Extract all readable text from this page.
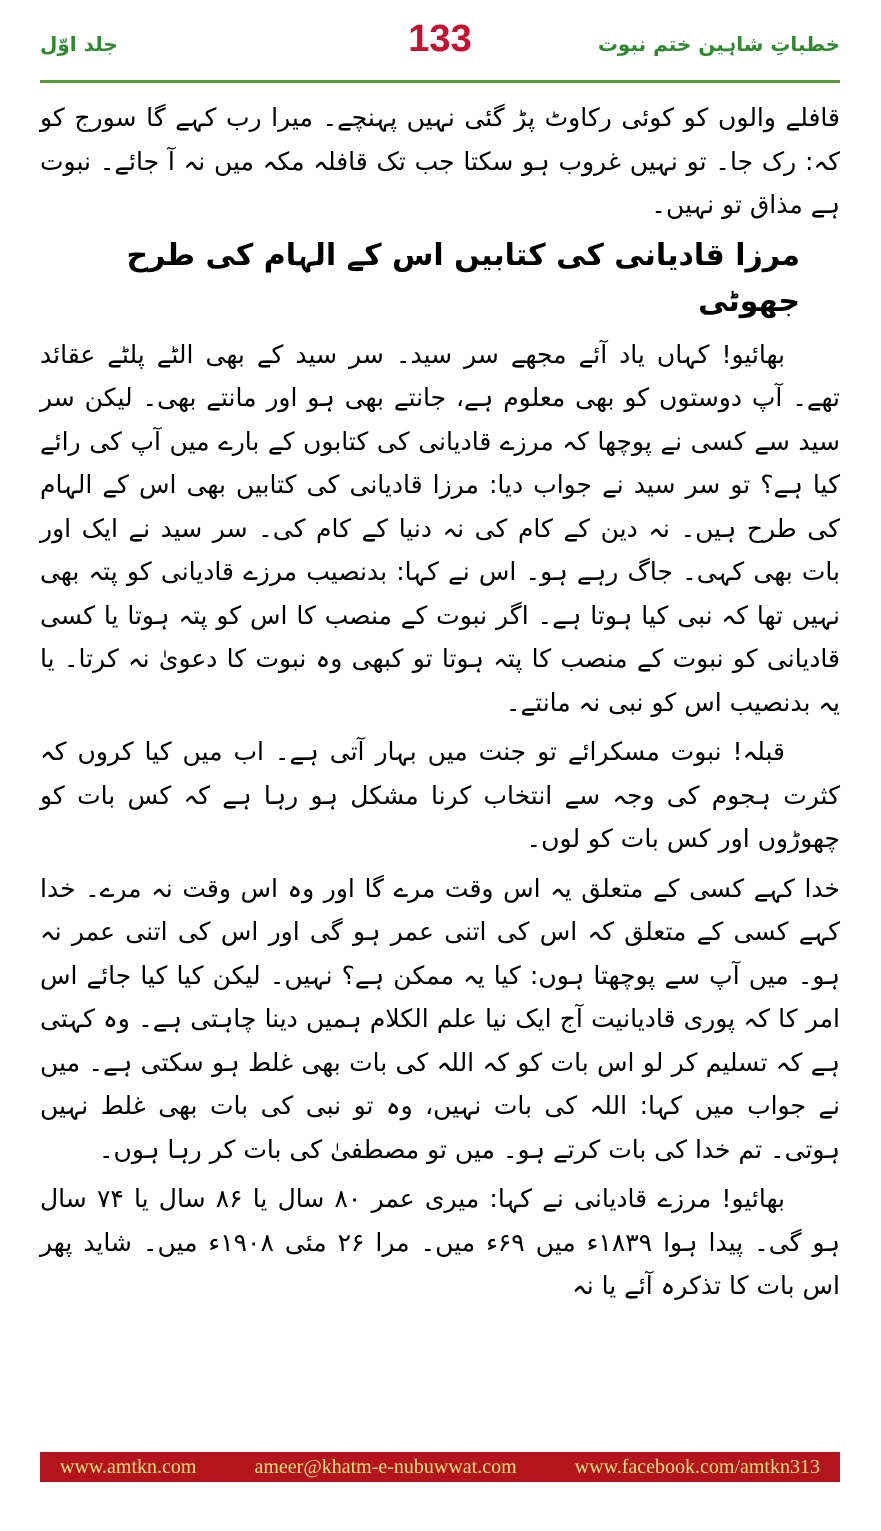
جلد اوّل	133	خطباتِ شاہین ختم نبوت

قافلے والوں کو کوئی رکاوٹ پڑ گئی نہیں پہنچے۔ میرا رب کہے گا سورج کو کہ: رک جا۔ تو نہیں غروب ہو سکتا جب تک قافلہ مکہ میں نہ آ جائے۔ نبوت ہے مذاق تو نہیں۔

مرزا قادیانی کی کتابیں اس کے الہام کی طرح جھوٹی

بھائیو! کہاں یاد آئے مجھے سر سید۔ سر سید کے بھی الٹے پلٹے عقائد تھے۔ آپ دوستوں کو بھی معلوم ہے، جانتے بھی ہو اور مانتے بھی۔ لیکن سر سید سے کسی نے پوچھا کہ مرزے قادیانی کی کتابوں کے بارے میں آپ کی رائے کیا ہے؟ تو سر سید نے جواب دیا: مرزا قادیانی کی کتابیں بھی اس کے الہام کی طرح ہیں۔ نہ دین کے کام کی نہ دنیا کے کام کی۔ سر سید نے ایک اور بات بھی کہی۔ جاگ رہے ہو۔ اس نے کہا: بدنصیب مرزے قادیانی کو پتہ بھی نہیں تھا کہ نبی کیا ہوتا ہے۔ اگر نبوت کے منصب کا اس کو پتہ ہوتا یا کسی قادیانی کو نبوت کے منصب کا پتہ ہوتا تو کبھی وہ نبوت کا دعویٰ نہ کرتا۔ یا یہ بدنصیب اس کو نبی نہ مانتے۔

قبلہ! نبوت مسکرائے تو جنت میں بہار آتی ہے۔ اب میں کیا کروں کہ کثرت ہجوم کی وجہ سے انتخاب کرنا مشکل ہو رہا ہے کہ کس بات کو چھوڑوں اور کس بات کو لوں۔

خدا کہے کسی کے متعلق یہ اس وقت مرے گا اور وہ اس وقت نہ مرے۔ خدا کہے کسی کے متعلق کہ اس کی اتنی عمر ہو گی اور اس کی اتنی عمر نہ ہو۔ میں آپ سے پوچھتا ہوں: کیا یہ ممکن ہے؟ نہیں۔ لیکن کیا کیا جائے اس امر کا کہ پوری قادیانیت آج ایک نیا علم الکلام ہمیں دینا چاہتی ہے۔ وہ کہتی ہے کہ تسلیم کر لو اس بات کو کہ اللہ کی بات بھی غلط ہو سکتی ہے۔ میں نے جواب میں کہا: اللہ کی بات نہیں، وہ تو نبی کی بات بھی غلط نہیں ہوتی۔ تم خدا کی بات کرتے ہو۔ میں تو مصطفیٰ کی بات کر رہا ہوں۔

بھائیو! مرزے قادیانی نے کہا: میری عمر ۸۰ سال یا ۸۶ سال یا ۷۴ سال ہو گی۔ پیدا ہوا ۱۸۳۹ء میں ۶۹ء میں۔ مرا ۲۶ مئی ۱۹۰۸ء میں۔ شاید پھر اس بات کا تذکرہ آئے یا نہ

www.amtkn.com	ameer@khatm-e-nubuwwat.com	www.facebook.com/amtkn313
